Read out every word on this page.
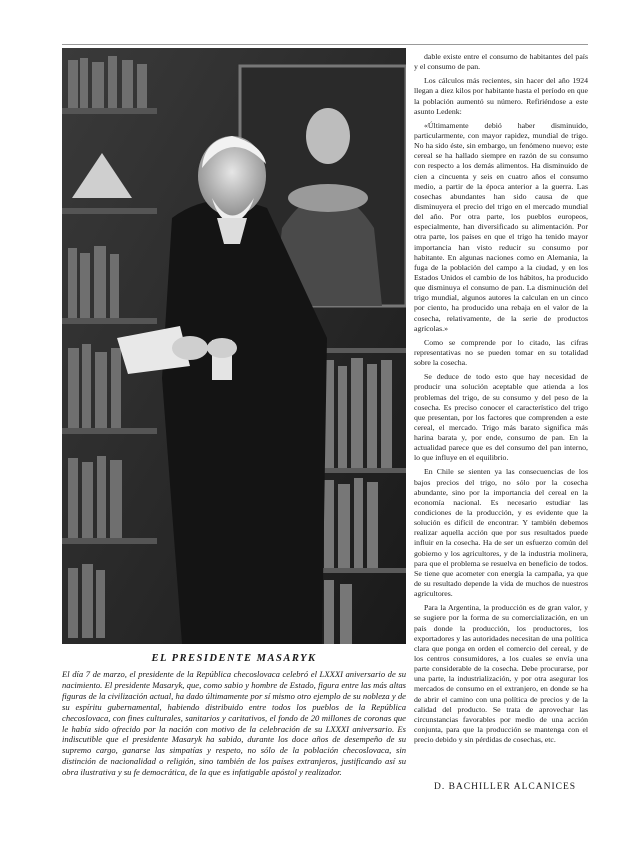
EL PRESIDENTE MASARYK
El día 7 de marzo, el presidente de la República checoslovaca celebró el LXXXI aniversario de su nacimiento. El presidente Masaryk, que, como sabio y hombre de Estado, figura entre las más altas figuras de la civilización actual, ha dado últimamente por sí mismo otro ejemplo de su nobleza y de su espíritu gubernamental, habiendo distribuido entre todos los pueblos de la República checoslovaca, con fines culturales, sanitarios y caritativos, el fondo de 20 millones de coronas que le había sido ofrecido por la nación con motivo de la celebración de su LXXXI aniversario. Es indiscutible que el presidente Masaryk ha sabido, durante los doce años de desempeño de su supremo cargo, ganarse las simpatías y respeto, no sólo de la población checoslovaca, sin distinción de nacionalidad o religión, sino también de los países extranjeros, justificando así su obra ilustrativa y su fe democrática, de la que es infatigable apóstol y realizador.

dable existe entre el consumo de habitantes del país y el consumo de pan.

Los cálculos más recientes, sin hacer del año 1924 llegan a diez kilos por habitante hasta el período en que la población aumentó su número. Refiriéndose a este asunto Ledenk:

«Últimamente debió haber disminuido, particularmente, con mayor rapidez, mundial de trigo. No ha sido éste, sin embargo, un fenómeno nuevo; este cereal se ha hallado siempre en razón de su consumo con respecto a los demás alimentos. Ha disminuido de cien a cincuenta y seis en cuatro años el consumo medio, a partir de la época anterior a la guerra. Las cosechas abundantes han sido causa de que disminuyera el precio del trigo en el mercado mundial del año. Por otra parte, los pueblos europeos, especialmente, han diversificado su alimentación. Por otra parte, los países en que el trigo ha tenido mayor importancia han visto reducir su consumo por habitante. En algunas naciones como en Alemania, la fuga de la población del campo a la ciudad, y en los Estados Unidos el cambio de los hábitos, ha producido que disminuya el consumo de pan. La disminución del trigo mundial, algunos autores la calculan en un cinco por ciento, ha producido una rebaja en el valor de la cosecha, relativamente, de la serie de productos agrícolas.»

Como se comprende por lo citado, las cifras representativas no se pueden tomar en su totalidad sobre la cosecha.

Se deduce de todo esto que hay necesidad de producir una solución aceptable que atienda a los problemas del trigo, de su consumo y del peso de la cosecha. Es preciso conocer el característico del trigo que presentan, por los factores que comprenden a este cereal, el mercado. Trigo más barato significa más harina barata y, por ende, consumo de pan. En la actualidad parece que es del consumo del pan interno, lo que influye en el equilibrio.

En Chile se sienten ya las consecuencias de los bajos precios del trigo, no sólo por la cosecha abundante, sino por la importancia del cereal en la economía nacional. Es necesario estudiar las condiciones de la producción, y es evidente que la solución es difícil de encontrar. Y también debemos realizar aquella acción que por sus resultados puede influir en la cosecha. Ha de ser un esfuerzo común del gobierno y los agricultores, y de la industria molinera, para que el problema se resuelva en beneficio de todos. Se tiene que acometer con energía la campaña, ya que de su resultado depende la vida de muchos de nuestros agricultores.

Para la Argentina, la producción es de gran valor, y se sugiere por la forma de su comercialización, en un país donde la producción, los productores, los exportadores y las autoridades necesitan de una política clara que ponga en orden el comercio del cereal, y de los centros consumidores, a los cuales se envía una parte considerable de la cosecha. Debe procurarse, por una parte, la industrialización, y por otra asegurar los mercados de consumo en el extranjero, en donde se ha de abrir el camino con una política de precios y de la calidad del producto. Se trata de aprovechar las circunstancias favorables por medio de una acción conjunta, para que la producción se mantenga con el precio debido y sin pérdidas de cosechas, etc.

D. BACHILLER ALCANICES
